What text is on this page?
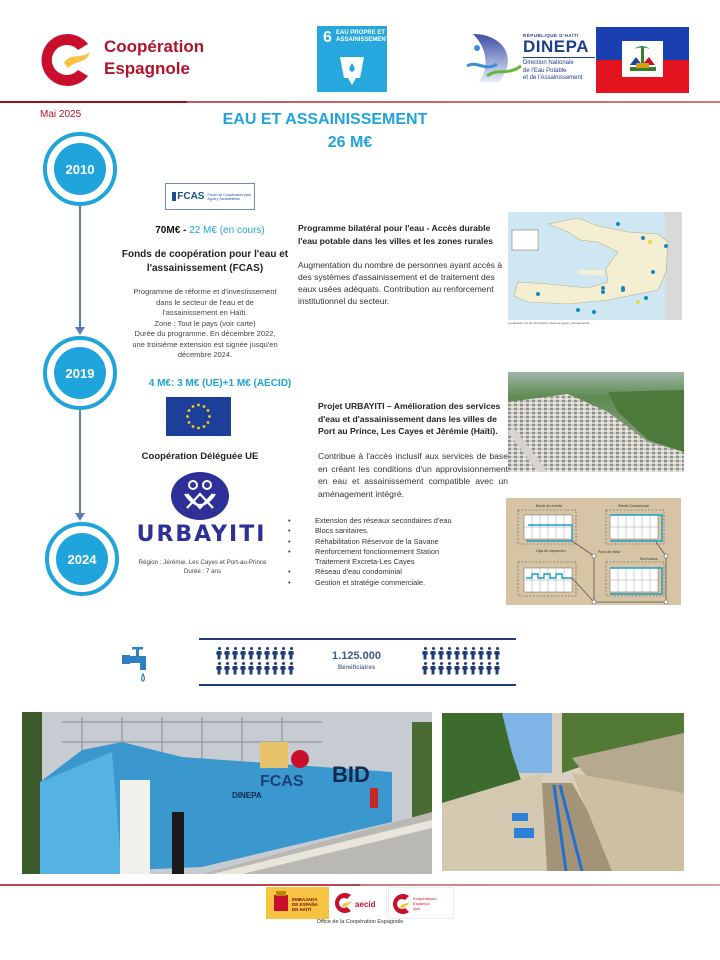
Coopération
Espagnole
6 EAU PROPRE ET
ASSAINISSEMENT
RÉPUBLIQUE D'HAÏTI
DINEPA
Direction Nationale
de l'Eau Potable
et de l'Assainissement
Mai 2025	EAU ET ASSAINISSEMENT
26 M€
2010
2019
2024
FCAS Fondo de Cooperación para Agua y Saneamiento
70M€ - 22 M€ (en cours)
Fonds de coopération pour l'eau et l'assainissement (FCAS)
Programme de réforme et d'investissement
dans le secteur de l'eau et de
l'assainissement en Haïti.
Zone : Tout le pays (voir carte)
Durée du programme. En décembre 2022,
une troisième extension est signée jusqu'en
décembre 2024.
Programme bilatéral pour l'eau - Accès durable l'eau potable dans les villes et les zones rurales
Augmentation du nombre de personnes ayant accès à des systèmes d'assainissement et de traitement des eaux usées adéquats. Contribution au renforcement institutionnel du secteur.
Localisation de las Principales obras de Agua y Saneamiento
4 M€: 3 M€ (UE)+1 M€ (AECID)
Coopération Déléguée UE
URBAYITI
Région : Jérémie, Les Cayes et Port-au-Prince
Durée : 7 ans
Projet URBAYITI – Amélioration des services d'eau et d'assainissement dans les villes de Port au Prince, Les Cayes et Jérémie (Haïti).
Contribue à l'accès inclusif aux services de base en créant les conditions d'un approvisionnement en eau et assainissement compatible avec un aménagement intégré.
•	Extension des réseaux secondaires d'eau
•	Blocs sanitaires.
•	Réhabilitation Réservoir de la Savane
•	Renforcement fonctionnement Station Traitement Excreta-Les Cayes
•	Réseau d'eau condominial
•	Gestion et stratégie commerciale.
Borde de vereda	Ramal Condominial
Caja de inspección	Pozo de visita
Red básica
1.125.000
Bénéficiaires
FCAS BID
DINEPA
EMBAJADA
DE ESPAÑA
EN HAITÍ
aecid
Kooperasyon
Espanyòl
Ayiti
Office de la Coopération Espagnole
